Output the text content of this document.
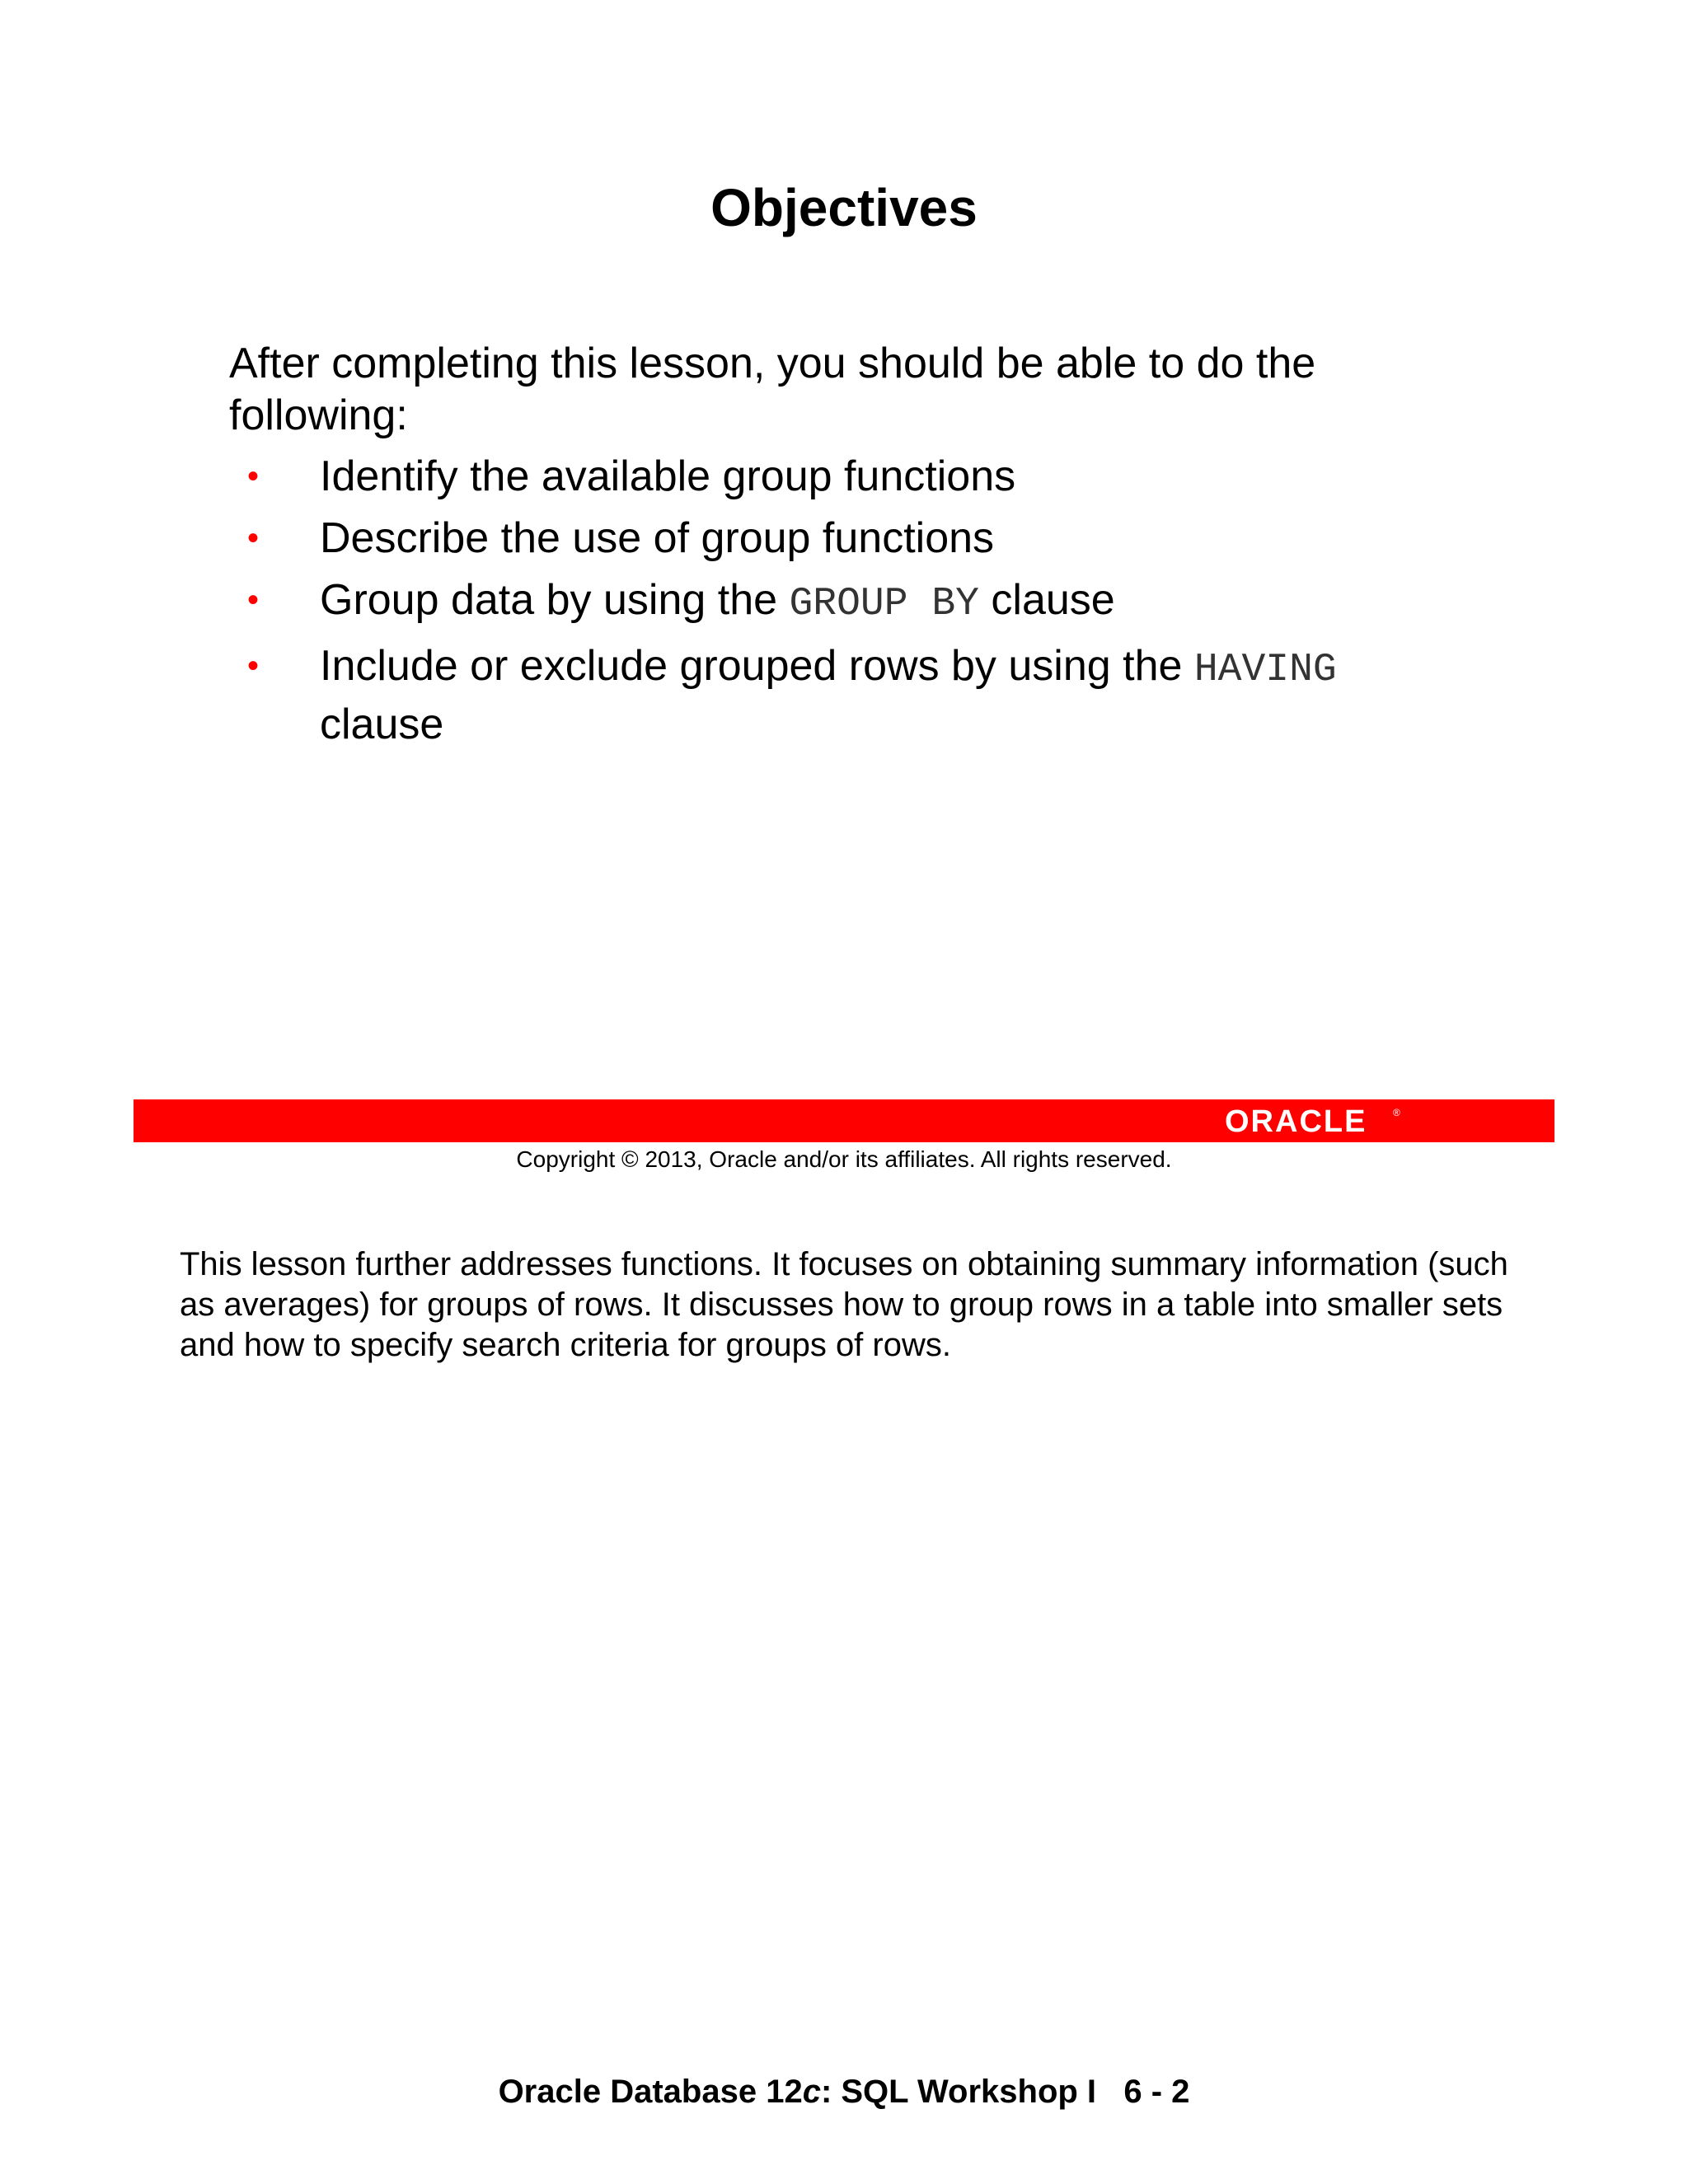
Objectives
After completing this lesson, you should be able to do the following:
• Identify the available group functions
• Describe the use of group functions
• Group data by using the GROUP BY clause
• Include or exclude grouped rows by using the HAVING
clause
ORACLE	®
Copyright © 2013, Oracle and/or its affiliates. All rights reserved.

This lesson further addresses functions. It focuses on obtaining summary information (such as averages) for groups of rows. It discusses how to group rows in a table into smaller sets and how to specify search criteria for groups of rows.

Oracle Database 12c: SQL Workshop I 6 - 2
